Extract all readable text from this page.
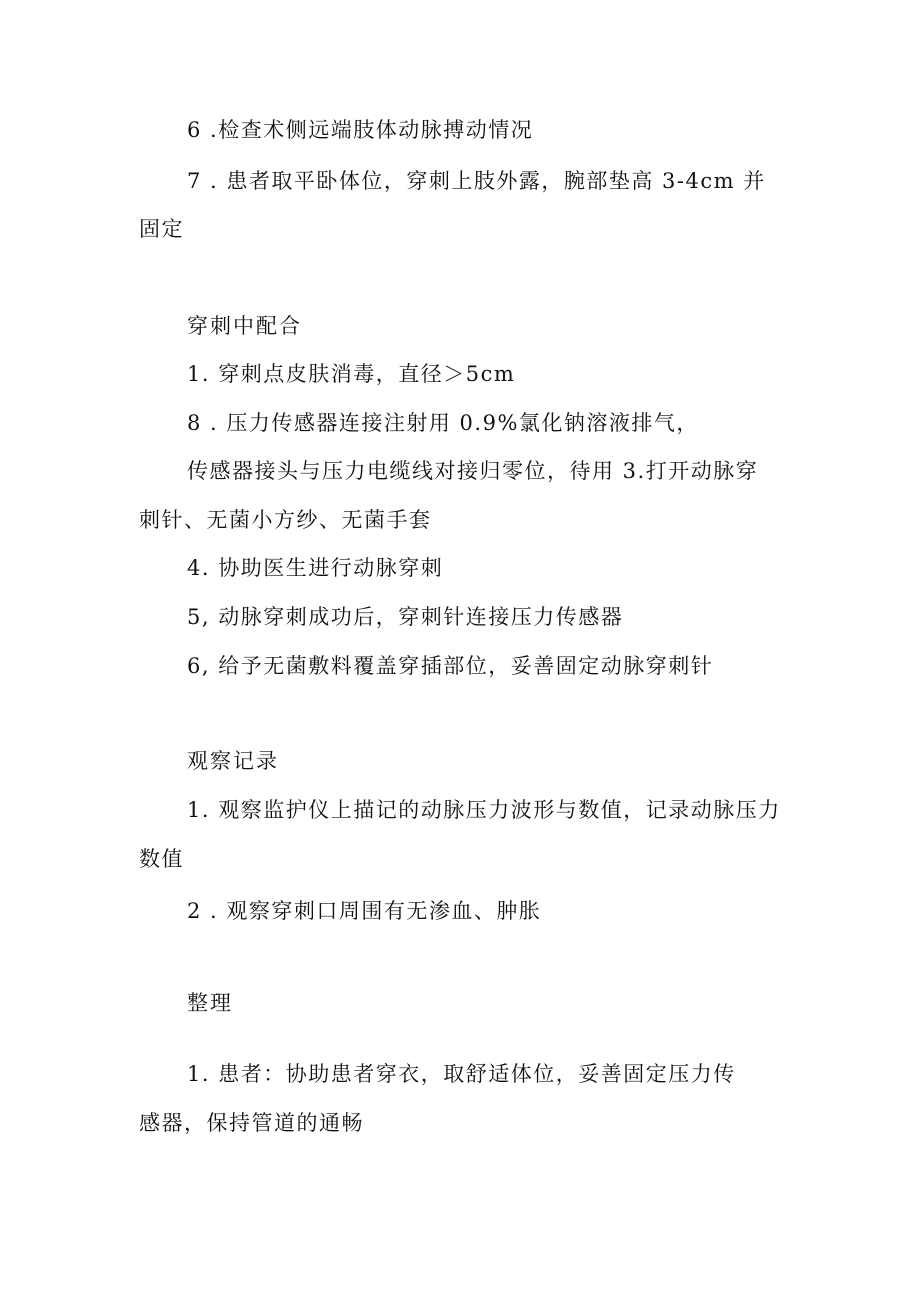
6 .检查术侧远端肢体动脉搏动情况
7 . 患者取平卧体位，穿刺上肢外露，腕部垫高 3-4cm 并
固定
穿刺中配合
1. 穿刺点皮肤消毒，直径＞5cm
8 . 压力传感器连接注射用 0.9%氯化钠溶液排气，
传感器接头与压力电缆线对接归零位，待用 3.打开动脉穿
刺针、无菌小方纱、无菌手套
4. 协助医生进行动脉穿刺
5, 动脉穿刺成功后，穿刺针连接压力传感器
6, 给予无菌敷料覆盖穿插部位，妥善固定动脉穿刺针
观察记录
1. 观察监护仪上描记的动脉压力波形与数值，记录动脉压力
数值
2 . 观察穿刺口周围有无渗血、肿胀
整理
1. 患者：协助患者穿衣，取舒适体位，妥善固定压力传
感器，保持管道的通畅
